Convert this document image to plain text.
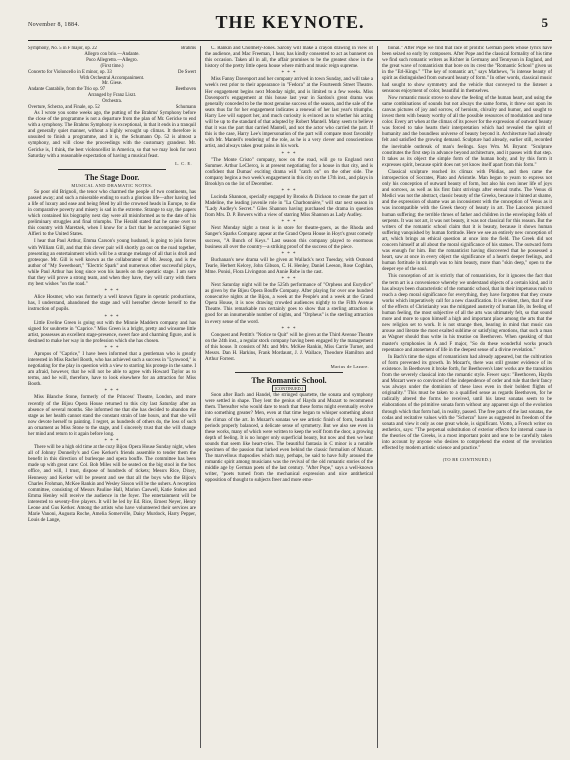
November 8, 1884.	THE KEYNOTE.	5
Symphony, No. 5 in F major, op. 22	Brahms
Allegro con brio.—Andante.
Poco Allegretto.—Allegro.
(First time.)
Concerto for Violoncello in E minor, op. 33	De Swert
With Orchestral Accompaniment.
Mr. Giese.
Andante Cantabile, from the Trio op. 97	Beethoven
Arranged by Franz Liszt.
Orchestra.
Overture, Scherzo, and Finale, op. 52	Schumann

As I wrote you some weeks ago, the putting of the Brahms' Symphony before the close of the programme is not a departure from the plan of Mr. Gericke to end with a symphony. The Brahms Symphony is exceptional, in that it ends in a tranquil and generally quiet manner, without a highly wrought up climax. It therefore is unsuited to finish a programme, and it is, the Schumann Op. 52 is almost a symphony, and will close the proceedings with the customary grandeur. Mr. Gericke is, I think, the best violoncellist in America, so that we may look for next Saturday with a reasonable expectation of having a musical feast.

L. C. E.
The Stage Door.
MUSICAL AND DRAMATIC NOTES.

So poor old Brignoli, the tenor who charmed the people of two continents, has passed away; and such a miserable ending to such a glorious life—after having led a life of luxury and ease and being féted by all the crowned heads in Europe, to die in comparative poverty and misery is sad in the extreme. Strange to say, the papers which contained his biography next day were all misinformed as to the date of his preliminary struggles and final triumphs. The Herald stated that he came over to this country with Maretzek, when I know for a fact that he accompanied Signor Alfieri to the United States.

I hear that Paul Arthur, Emma Carson's young husband, is going to join forces with William Gill, and that this clever pair will shortly go out on the road together, presenting an entertainment which will be a strange melange of all that is droll and grotesque. Mr. Gill is well known as the collaborateur of Mr. Jessop, and is the author of "My Sweetheart," "Electric Spark" and numerous other successful plays, while Paul Arthur has long since won his laurels on the operatic stage. I am sure that they will prove a strong team, and when they have, they will carry with them my best wishes "on the road."

* * *

Alice Hosmer, who was formerly a well known figure in operatic productions, has, I understand, abandoned the stage and will hereafter devote herself to the instruction of pupils.

* * *

Little Eveline Green is going out with the Minnie Maddern company and has signed for soubrette in "Caprice." Miss Green is a bright, pretty and winsome little artist, possesses an excellent stage-presence, sweet face and charming figure, and is destined to make her way in the profession which she has chosen.

* * *

Apropos of "Caprice," I have been informed that a gentleman who is greatly interested in Miss Rachel Booth, who has achieved such a success in "Lynwood," is negotiating for the play in question with a view to starring his protege in the same. I am afraid, however, that he will not be able to agree with Howard Taylor as to terms, and he will, therefore, have to look elsewhere for an attraction for Miss Booth.

* * *

Miss Blanche Stone, formerly of the Princess' Theatre, London, and more recently of the Bijou Opera House returned to this city last Saturday after an absence of several months. She informed me that she has decided to abandon the stage as her health cannot stand the constant strain of late hours, and that she will now devote herself to painting. I regret, as hundreds of others do, the loss of such an ornament as Miss Stone to the stage, and I sincerely trust that she will change her mind and return to it again before long.

* * *

There will be a high old time at the cozy Bijou Opera House Sunday night, when all of Johnny Donnelly's and Geo Kerker's friends assemble to tender them the benefit in this direction of burlesque and opera bouffe. The committee has been made up with great care: Col. Bob Miles will be seated on the big stool in the box office, and will, I trust, dispose of hundreds of tickets; Messrs Rice, Dixey, Hennessy and Kerker will be present and see that all the boys who the Bijou's Charles Frohman, McKee Rankin and Wesley Sisson will be the ushers. A reception committee, consisting of Messrs Pauline Hall, Marion Caswell, Katie Stokes and Emma Henley will receive the audience in the foyer. The entertainment will be interested to seventy-five players. It will be led by Ed. Rice, Ernest Neyer, Henry Leone and Gus Kerker. Among the artists who have volunteered their services are Marie Vanoni, Augusta Roche, Amelia Somerville, Daisy Murdock, Harry Pepper, Louis de Lange,

C. Rankin and Cholmely-Jones. Sarony will make a crayon drawing in view of the audience, and Mac Freeman, I hear, has kindly consented to act as banneret on this occasion. Taken all in all, the affair promises to be the greatest show in the history of the pretty little opera house where mirth and music reign supreme.

* * *

Miss Fanny Davenport and her company arrived in town Sunday, and will take a week's rest prior to their appearance in "Fedora" at the Fourteenth Street Theatre. Her engagement begins next Monday night, and is limited to a few weeks. Miss Davenport's engagement at this house last year in Sardou's great drama was generally conceded to be the most genuine success of the season, and the sale of the seats thus far for her engagement indicates a renewal of her last year's triumphs. Harry Lee will support her, and much curiosity is evinced as to whether his acting will be up to the standard of that adopted by Robert Mantell. Many seem to believe that it was the part that carried Mantell, and not the actor who carried the part. If this is the case, Harry Lee's impersonation of the part will compare most favorably with Mr. Mantell's rendering of the role, as he is a very clever and conscientious artist, and always takes great pains in his work.

* * *

"The Monte Cristo" company, now on the road, will go to England next Summer. Arthur LeClercq, is at present negotiating for a house in that city, and is confident that Dumas' exciting drama will "catch on" on the other side. The company begins a two week's engagement in this city on the 17th inst., and plays in Brooklyn on the 1st of December.

* * *

Lucinda Shannon, specially engaged by Brooks & Dickson to create the part of Madeline, the leading juvenile role in "La Charbonnière," will star next season in "Lady Audley's Secret." Giles Shannon having purchased the drama in question from Mrs. D. P. Bowers with a view of starring Miss Shannon as Lady Audley.

* * *

Next Monday night a treat is in store for theatre-goers, as the Rhoda and Sanger's Sparks Company appear at the Grand Opera House in Hoyt's great comedy success, "A Bunch of Keys." Last season this company played to enormous business all over the country—a striking proof of the success of the piece.

* * *

Buchanan's new drama will be given at Wallack's next Tuesday, with Osmond Tearle, Herbert Kelcey, John Gibson, C. H. Henley, Daniel Leeson, Rose Coghlan, Mme. Ponisi, Flora Livingston and Annie Robe in the cast.

* * *

Next Saturday night will be the 525th performance of "Orpheus and Eurydice" as given by the Bijou Opera Bouffe Company. After playing for over one hundred consecutive nights at the Bijou, a week at the People's and a week at the Grand Opera House, it is now drawing crowded audiences nightly to the Fifth Avenue Theatre. This remarkable run certainly goes to show that a sterling attraction is good for an innumerable number of nights, and "Orpheus" is the sterling attraction in every sense of the word.

* * *

Conquest and Pettitt's "Notice to Quit" will be given at the Third Avenue Theatre on the 24th inst., a regular stock company having been engaged by the management of this house. It consists of Mr. and Mrs. McKee Rankin, Miss Carrie Turner, and Messrs. Dan H. Harkins, Frank Mordaunt, J. J. Wallace, Theodore Hamilton and Arthur Forrest.

Marius de Lazare.
The Romantic School.
[CONTINUED.]

Soon after Bach and Handel, the stringed quartette, the sonata and symphony were settled in shape. They lent the genius of Haydn and Mozart to recommend them. Thereafter who would dare to teach that these forms might eventually evolve into something greater? Men, even at that time began to whisper something about the climax of the art. In Mozart's sonatas we see artistic finish of form, beautiful periods properly balanced, a delicate sense of symmetry. But we also see even in these works, many of which were written to keep the wolf from the door, a growing depth of feeling. It is no longer only superficial beauty, but now and then we hear sounds that seem like heart-cries. The beautiful fantasia in C minor is a notable specimen of the passion that lurked even behind the classic formalism of Mozart. The marvellous rhapsodies which may, perhaps, be said to have fully aroused the romantic spirit among musicians was the revival of the old romantic stories of the middle age by German poets of the last century. "After Pope," says a well-known writer, "poets turned from the mechanical expression and nice antithetical opposition of thought to subjects freer and more emo-

tional." After Pope we find that race of prolific German poets whose lyrics have been seized so early by composers. After Pope and the classical formality of his time we find such romantic writers as Richter in Germany and Tennyson in England, and the great wave of romanticism that bore on its crest the "Romantic School" given us in the "Erl-Kings." "The key of romantic art," says Mathews, "is intense beauty of spirit as distinguished from outward beauty of form." In other words, classical music had sought to show symmetry and the vehicle that conveyed to the listener a sensuous enjoyment of color, beautiful in themselves.

Now romantic music strove to show the feeling of the human heart, and using the same combinations of sounds but not always the same forms, it threw out upon its canvas pictures of joy and sorrow, of heroism, chivalry and humor, and sought to invest them with beauty worthy of all the possible resources of modulation and tone color. Every art when at the climax of its power for the expression of outward beauty was forced to take hearts their interpretation which had revealed the spirit of humanity and the boundless universe of beauty beyond it. Architecture had already felt and satisfied the growing demand. Sculpture had already, earlier still, recorded the inevitable outbreak of man's feelings. Says Wm. M. Bryant: "Sculpture constitutes the first step in advance beyond architecture, and it passes with that step. It takes as its object the simple form of the human body, and by this form it expresses spirit, because spirit does not yet know itself apart from this form."

Classical sculpture reached its climax with Phidias, and then came the introspection of Socrates, Plato and Aristotle. Man began to yearn to express not only his conception of outward beauty of form, but also his own inner life of joys and sorrows, as well as his first faint strivings after eternal truths. The Venus di Medici was not the abstract, classic beauty of the Greeks, because it hinted at shame, and the expression of shame was an inconsistent with the conception of Venus as it was incompatible with the Greek theory of beauty in art. The Laocoon pictured human suffering; the terrible throes of father and children in the enveloping folds of serpents. It was not art, it was not beauty, it was not classical for this reason. But the writers of the romantic school claim that it is beauty, because it shows human suffering vanquished by human fortitude. Here we see an entirely new conception of art, which brings an ethical question at once into the field. The Greek did not concern himself at all about the moral significance of his statues. The outward form was enough for him. But the romanticist having discovered that he possessed a heart, saw at once in every object the significance of a heart's deeper feelings, and human fortitude in triumph was to him beauty, more than "skin deep," open to the deeper eye of the soul.

This conception of art is strictly that of romanticists, for it ignores the fact that the term art is a convenience whereby we understand objects of a certain kind, and it has always been characteristic of the romantic school, that in their impetuous rush to reach a deep moral significance for everything, they have forgotten that they create works which imperatively call for a new classification. It is evident, then, that if one of the effects of Christianity was the mitigated austerity of human life, its feeling of human feeling, the most subjective of all the arts was ultimately felt, so that sound more and more to upon himself a high and important place among the arts that the new religion set to work. It is not strange then, bearing in mind that music can arouse and literate the most exalted sublime or satisfying emotions, that such a man as Wagner should thus write in his treatise on Beethoven. When speaking of that master's symphonies in A and F major, "So do these wonderful works preach repentance and atonement of life in the deepest sense of a divine revelation."

In Bach's time the signs of romanticism had already appeared, but the cultivation of form prevented its growth. In Mozart's, there was still greater evidence of its existence. In Beethoven it broke forth, for Beethoven's later works are the transition from the severely classical into the romantic style. Fewer says: "Beethoven, Haydn and Mozart were so convinced of the independence of order and rule that their fancy was always under the dominion of these laws even in their boldest flights of originality." This must be taken to a qualified sense as regards Beethoven, for he radically altered the forms he received, until his latest sonatas seem to be elaborations of the primitive sonata form without any apparent sign of the evolution through which that form had, in reality, passed. The free parts of the last sonatas, the codas and recitative values with the "Scherzo" have as suggested its freedom of the sonata and view it only as one great whole, is significant. Viotto, a French writer on æsthetics, says: "The perpetual substitution of exterior effects for internal cause in the theories of the Greeks, is a most important point and one to be carefully taken into account by anyone who desires to comprehend the extent of the revolution effected by modern artistic science and practice."

(TO BE CONTINUED.)
